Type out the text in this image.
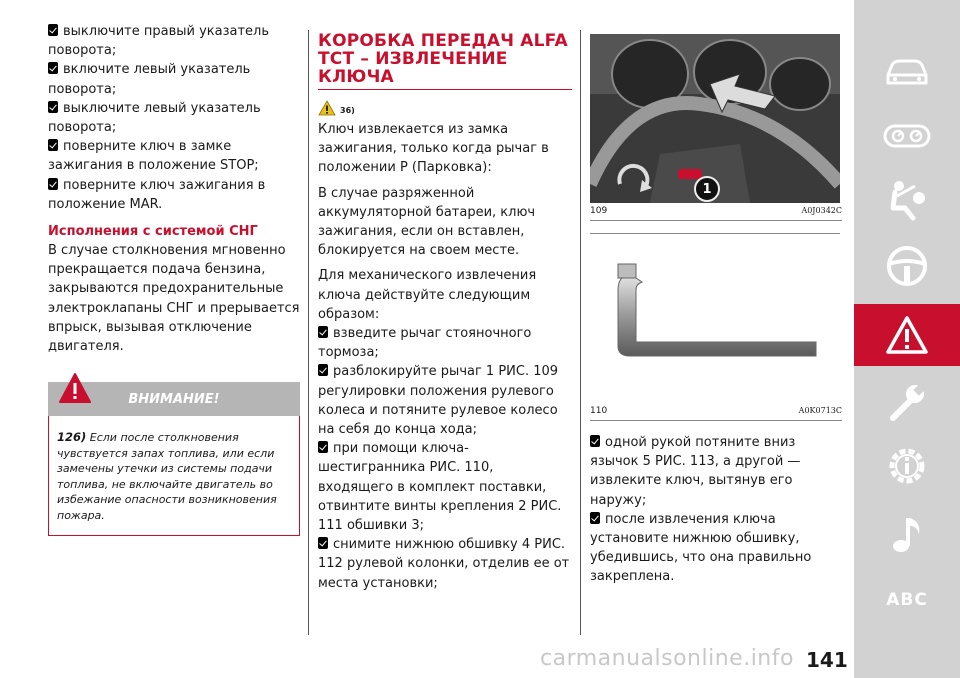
выключите правый указатель поворота;

включите левый указатель поворота;

выключите левый указатель поворота;

поверните ключ в замке зажигания в положение STOP;

поверните ключ зажигания в положение MAR.

Исполнения с системой СНГ

В случае столкновения мгновенно прекращается подача бензина, закрываются предохранительные электроклапаны СНГ и прерывается впрыск, вызывая отключение двигателя.

ВНИМАНИЕ!
126) Если после столкновения чувствуется запах топлива, или если замечены утечки из системы подачи топлива, не включайте двигатель во избежание опасности возникновения пожара.
КОРОБКА ПЕРЕДАЧ ALFA TCT – ИЗВЛЕЧЕНИЕ КЛЮЧА
36)

Ключ извлекается из замка зажигания, только когда рычаг в положении P (Парковка):

В случае разряженной аккумуляторной батареи, ключ зажигания, если он вставлен, блокируется на своем месте.

Для механического извлечения ключа действуйте следующим образом:

взведите рычаг стояночного тормоза;

разблокируйте рычаг 1 РИС. 109 регулировки положения рулевого колеса и потяните рулевое колесо на себя до конца хода;

при помощи ключа-шестигранника РИС. 110, входящего в комплект поставки, отвинтите винты крепления 2 РИС. 111 обшивки 3;

снимите нижнюю обшивку 4 РИС. 112 рулевой колонки, отделив ее от места установки;

1
109	A0J0342C
110	A0K0713C

одной рукой потяните вниз язычок 5 РИС. 113, а другой — извлеките ключ, вытянув его наружу;

после извлечения ключа установите нижнюю обшивку, убедившись, что она правильно закреплена.

ABC
carmanualsonline.info 141
